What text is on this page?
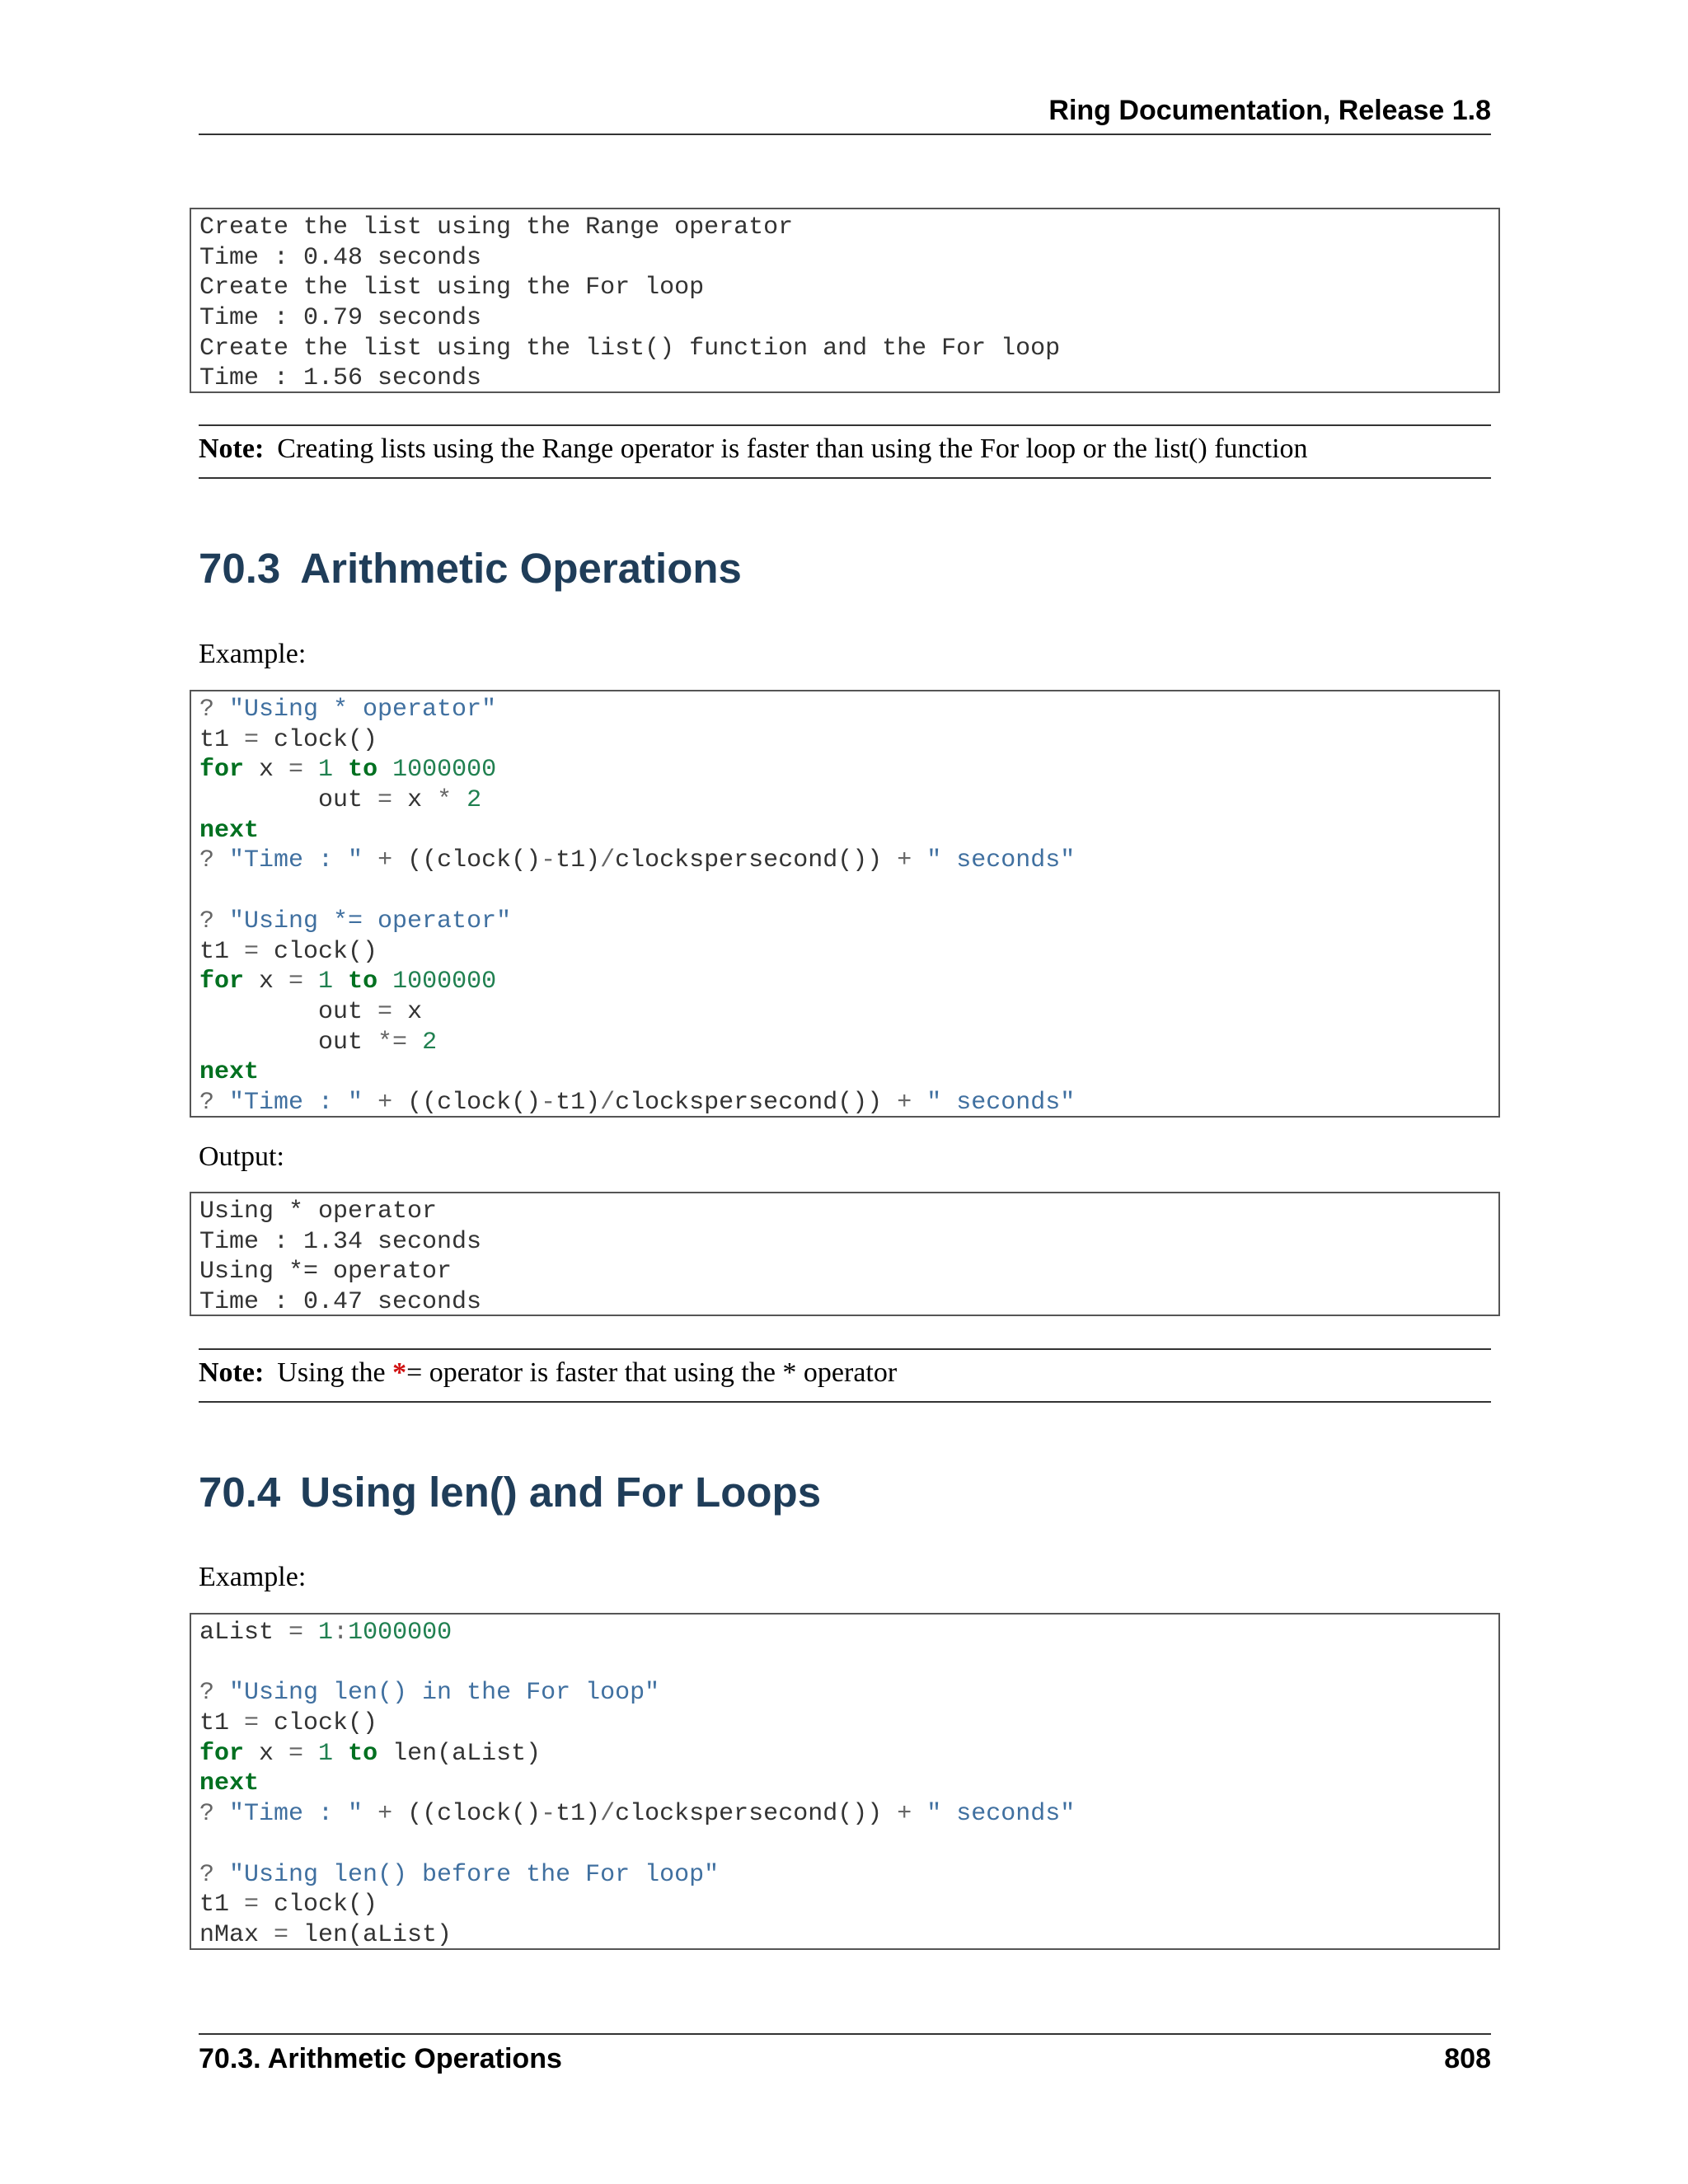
Ring Documentation, Release 1.8
Create the list using the Range operator
Time : 0.48 seconds
Create the list using the For loop
Time : 0.79 seconds
Create the list using the list() function and the For loop
Time : 1.56 seconds
Note: Creating lists using the Range operator is faster than using the For loop or the list() function
70.3 Arithmetic Operations
Example:
? "Using * operator"
t1 = clock()
for x = 1 to 1000000
out = x * 2
next
? "Time : " + ((clock()-t1)/clockspersecond()) + " seconds"
? "Using *= operator"
t1 = clock()
for x = 1 to 1000000
out = x
out *= 2
next
? "Time : " + ((clock()-t1)/clockspersecond()) + " seconds"
Output:
Using * operator
Time : 1.34 seconds
Using *= operator
Time : 0.47 seconds
Note: Using the *= operator is faster that using the * operator
70.4 Using len() and For Loops
Example:
aList = 1:1000000
? "Using len() in the For loop"
t1 = clock()
for x = 1 to len(aList)
next
? "Time : " + ((clock()-t1)/clockspersecond()) + " seconds"
? "Using len() before the For loop"
t1 = clock()
nMax = len(aList)
70.3. Arithmetic Operations	808
